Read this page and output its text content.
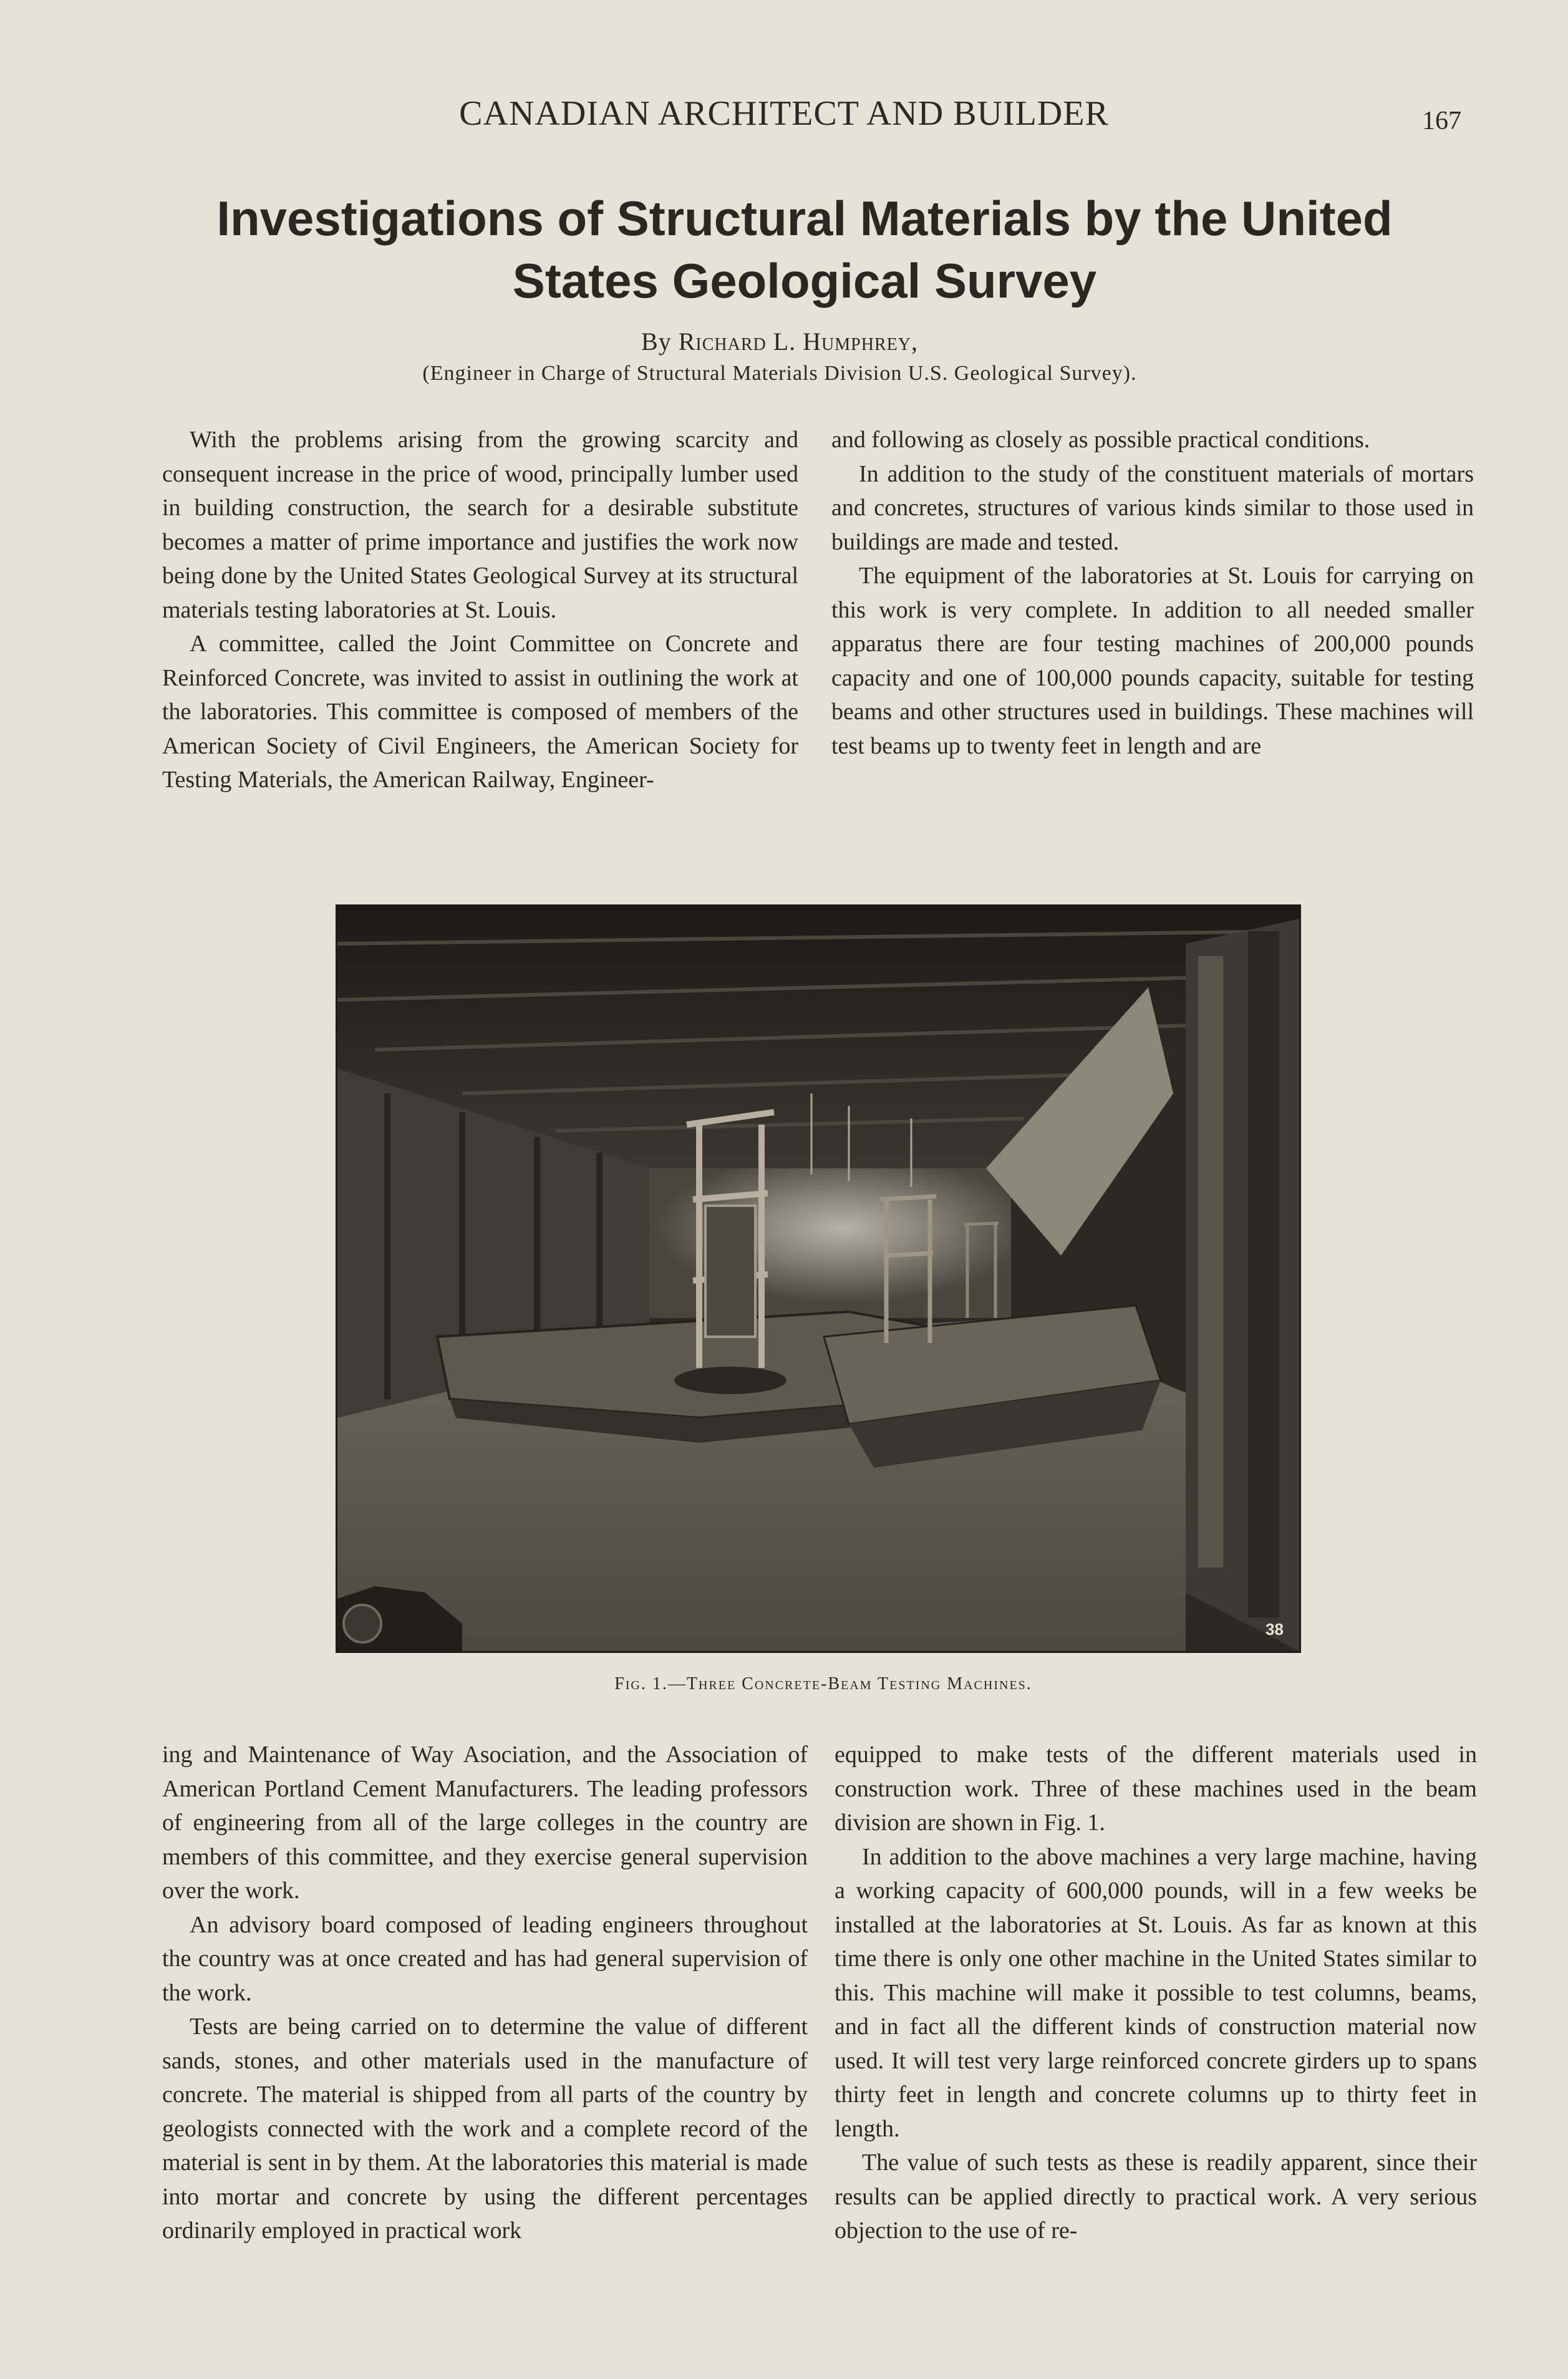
CANADIAN ARCHITECT AND BUILDER	167
Investigations of Structural Materials by the United States Geological Survey
By Richard L. Humphrey,
(Engineer in Charge of Structural Materials Division U.S. Geological Survey).

With the problems arising from the growing scarcity and consequent increase in the price of wood, principally lumber used in building construction, the search for a desirable substitute becomes a matter of prime importance and justifies the work now being done by the United States Geological Survey at its structural materials testing laboratories at St. Louis.

A committee, called the Joint Committee on Concrete and Reinforced Concrete, was invited to assist in outlining the work at the laboratories. This committee is composed of members of the American Society of Civil Engineers, the American Society for Testing Materials, the American Railway, Engineer-

and following as closely as possible practical conditions.

In addition to the study of the constituent materials of mortars and concretes, structures of various kinds similar to those used in buildings are made and tested.

The equipment of the laboratories at St. Louis for carrying on this work is very complete. In addition to all needed smaller apparatus there are four testing machines of 200,000 pounds capacity and one of 100,000 pounds capacity, suitable for testing beams and other structures used in buildings. These machines will test beams up to twenty feet in length and are

38
Fig. 1.—Three Concrete-Beam Testing Machines.

ing and Maintenance of Way Asociation, and the Association of American Portland Cement Manufacturers. The leading professors of engineering from all of the large colleges in the country are members of this committee, and they exercise general supervision over the work.

An advisory board composed of leading engineers throughout the country was at once created and has had general supervision of the work.

Tests are being carried on to determine the value of different sands, stones, and other materials used in the manufacture of concrete. The material is shipped from all parts of the country by geologists connected with the work and a complete record of the material is sent in by them. At the laboratories this material is made into mortar and concrete by using the different percentages ordinarily employed in practical work

equipped to make tests of the different materials used in construction work. Three of these machines used in the beam division are shown in Fig. 1.

In addition to the above machines a very large machine, having a working capacity of 600,000 pounds, will in a few weeks be installed at the laboratories at St. Louis. As far as known at this time there is only one other machine in the United States similar to this. This machine will make it possible to test columns, beams, and in fact all the different kinds of construction material now used. It will test very large reinforced concrete girders up to spans thirty feet in length and concrete columns up to thirty feet in length.

The value of such tests as these is readily apparent, since their results can be applied directly to practical work. A very serious objection to the use of re-
